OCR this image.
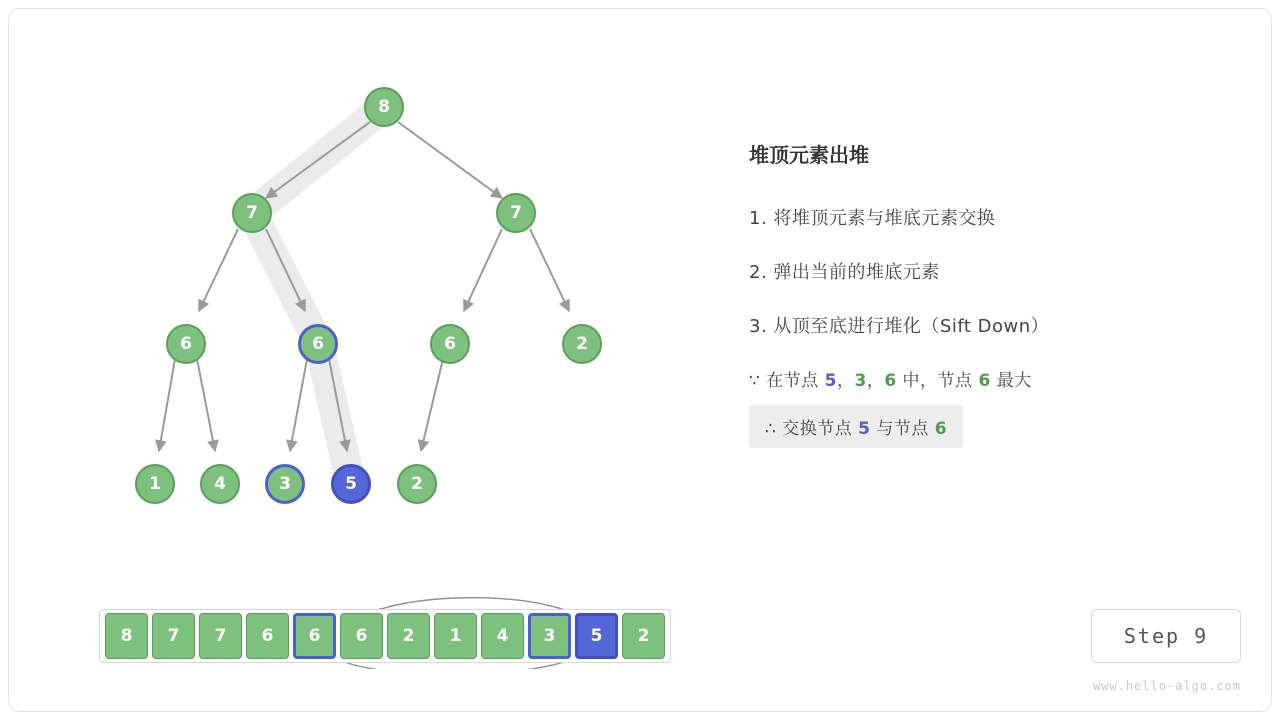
8
7	7
6	6	6	2
1	4	3	5	2
8	7	7	6	6	6	2	1	4	3	5	2
堆顶元素出堆
1. 将堆顶元素与堆底元素交换
2. 弹出当前的堆底元素
3. 从顶至底进行堆化（Sift Down）
∵ 在节点 5，3，6 中，节点 6 最大
∴ 交换节点 5 与节点 6
Step 9
www.hello-algo.com
